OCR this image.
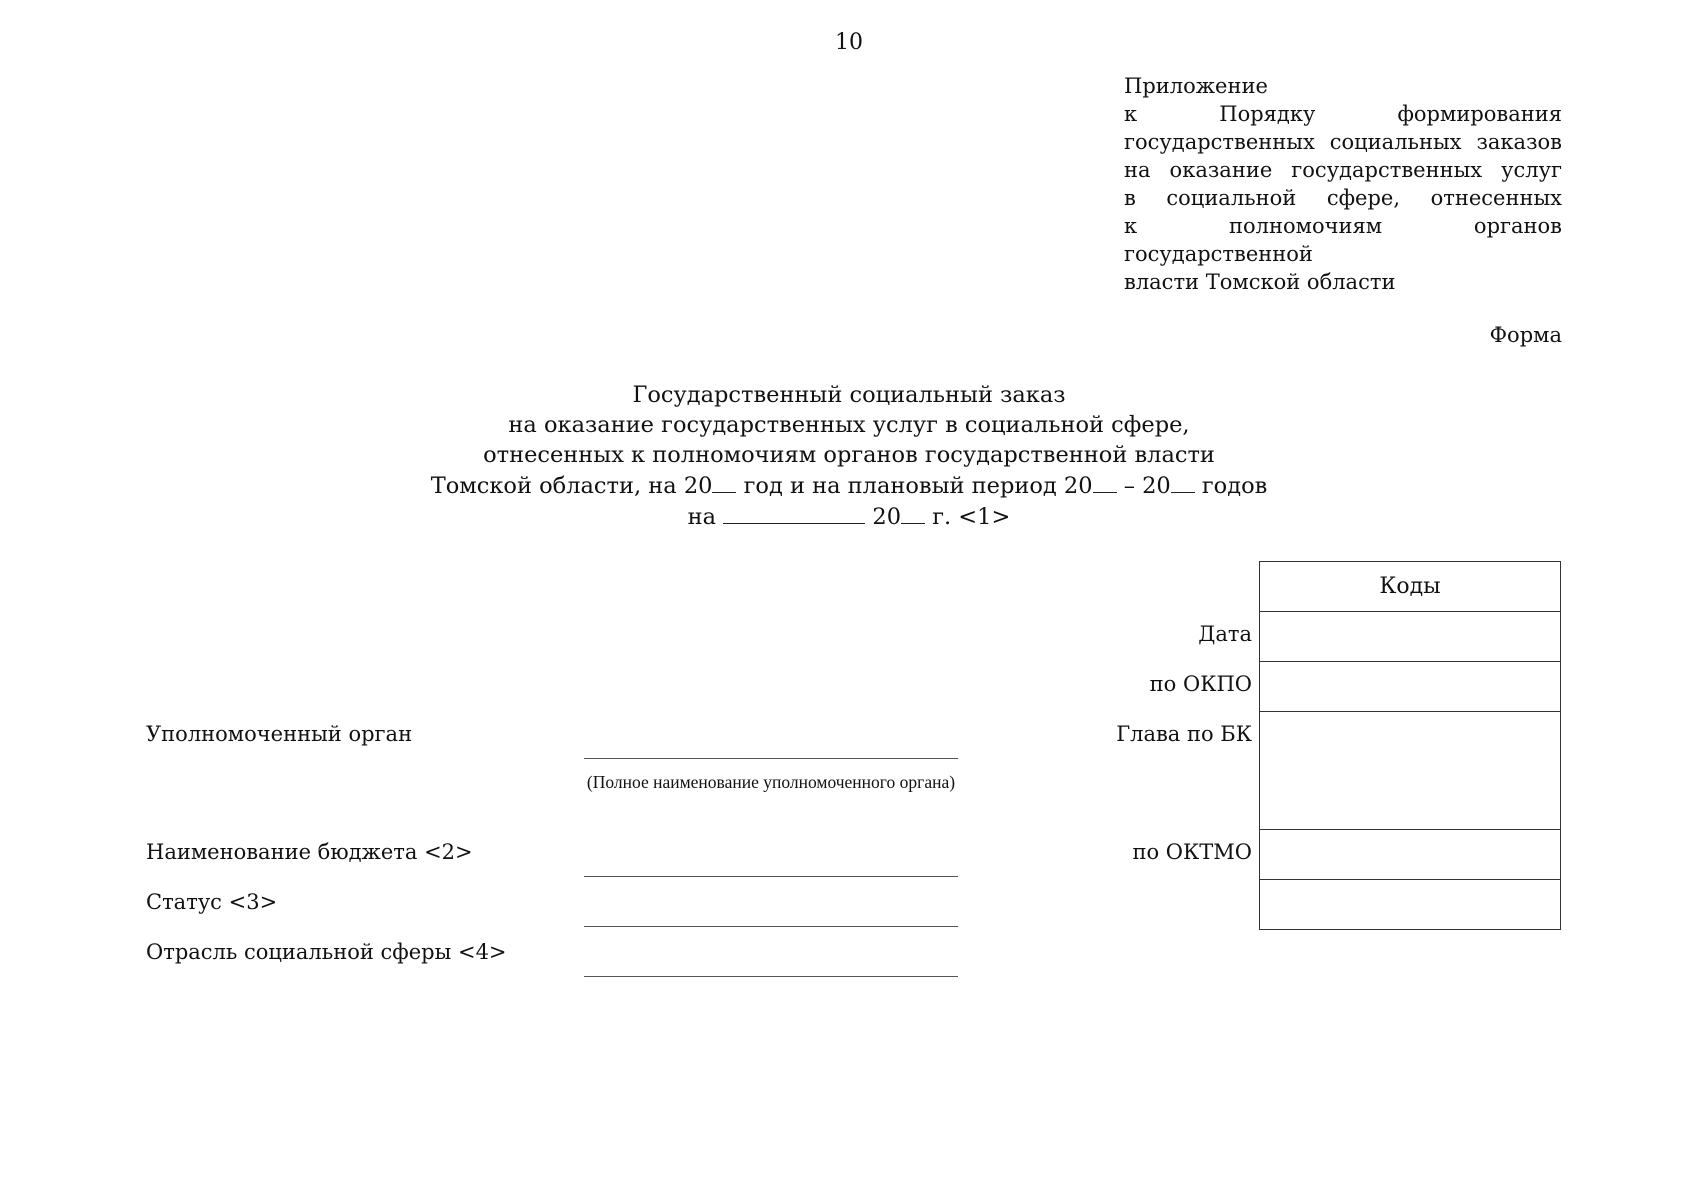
10
Приложение
к Порядку формирования
государственных социальных заказов
на оказание государственных услуг
в социальной сфере, отнесенных
к полномочиям органов государственной
власти Томской области
Форма
Государственный социальный заказ
на оказание государственных услуг в социальной сфере,
отнесенных к полномочиям органов государственной власти
Томской области, на 20 год и на плановый период 20 – 20 годов
на	20 г. <1>
Коды
Дата
по ОКПО
Глава по БК
по ОКТМО
Уполномоченный орган
(Полное наименование уполномоченного органа)
Наименование бюджета <2>
Статус <3>
Отрасль социальной сферы <4>
